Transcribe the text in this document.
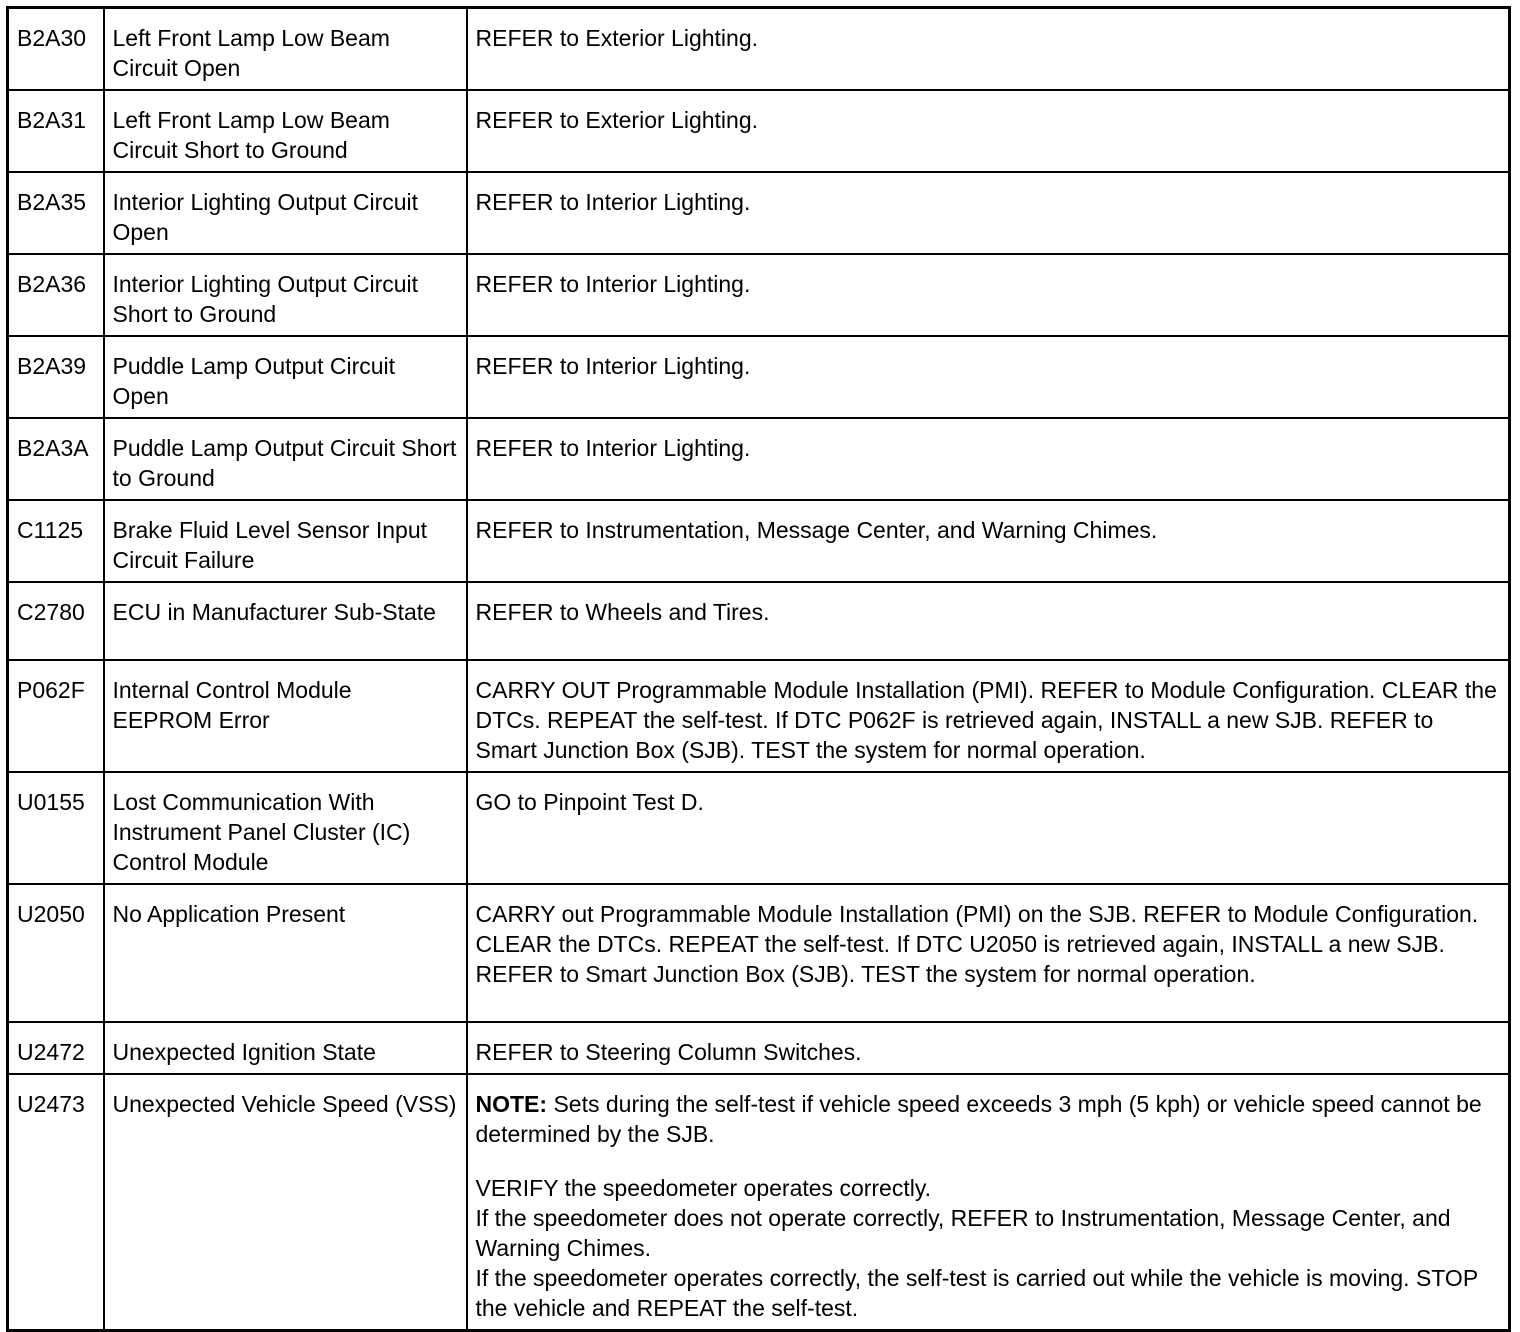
B2A30	Left Front Lamp Low Beam Circuit Open	REFER to Exterior Lighting.
B2A31	Left Front Lamp Low Beam Circuit Short to Ground	REFER to Exterior Lighting.
B2A35	Interior Lighting Output Circuit Open	REFER to Interior Lighting.
B2A36	Interior Lighting Output Circuit Short to Ground	REFER to Interior Lighting.
B2A39	Puddle Lamp Output Circuit Open	REFER to Interior Lighting.
B2A3A	Puddle Lamp Output Circuit Short to Ground	REFER to Interior Lighting.
C1125	Brake Fluid Level Sensor Input Circuit Failure	REFER to Instrumentation, Message Center, and Warning Chimes.
C2780	ECU in Manufacturer Sub-State	REFER to Wheels and Tires.
P062F	Internal Control Module EEPROM Error	CARRY OUT Programmable Module Installation (PMI). REFER to Module Configuration. CLEAR the DTCs. REPEAT the self-test. If DTC P062F is retrieved again, INSTALL a new SJB. REFER to Smart Junction Box (SJB). TEST the system for normal operation.
U0155	Lost Communication With Instrument Panel Cluster (IC) Control Module	GO to Pinpoint Test D.
U2050	No Application Present	CARRY out Programmable Module Installation (PMI) on the SJB. REFER to Module Configuration. CLEAR the DTCs. REPEAT the self-test. If DTC U2050 is retrieved again, INSTALL a new SJB. REFER to Smart Junction Box (SJB). TEST the system for normal operation.
U2472	Unexpected Ignition State	REFER to Steering Column Switches.
U2473	Unexpected Vehicle Speed (VSS)	NOTE: Sets during the self-test if vehicle speed exceeds 3 mph (5 kph) or vehicle speed cannot be determined by the SJB.
VERIFY the speedometer operates correctly.
If the speedometer does not operate correctly, REFER to Instrumentation, Message Center, and Warning Chimes.
If the speedometer operates correctly, the self-test is carried out while the vehicle is moving. STOP the vehicle and REPEAT the self-test.
